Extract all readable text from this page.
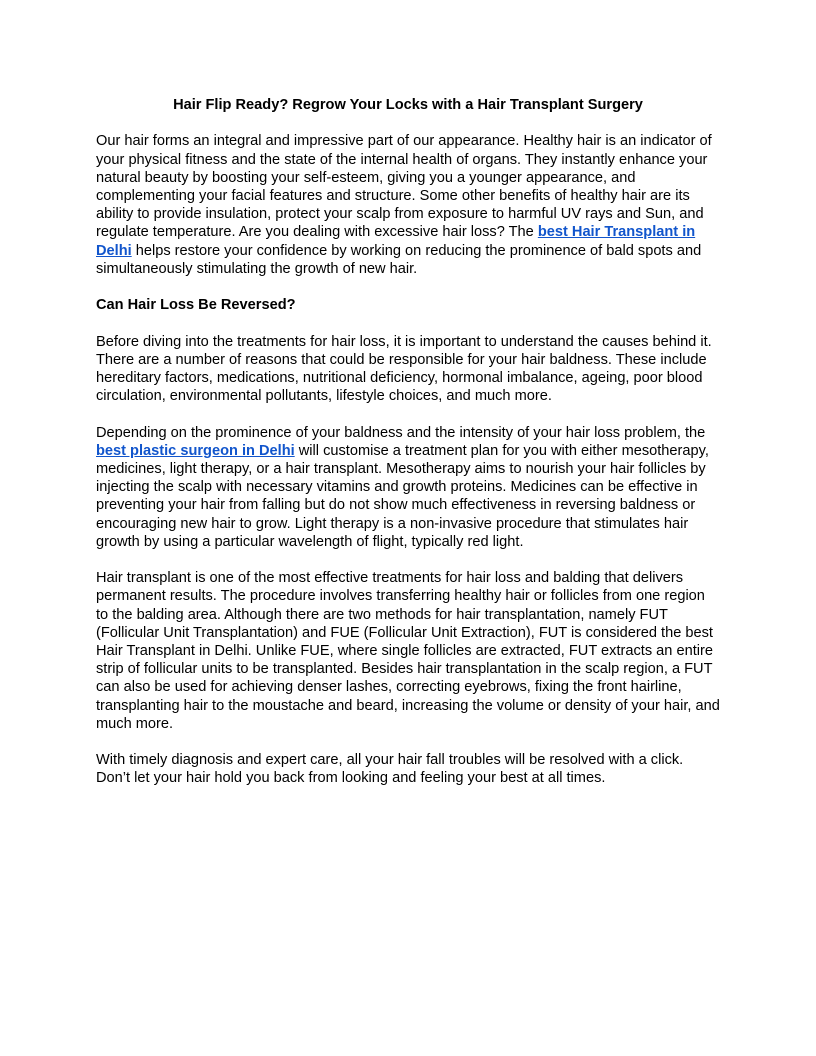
Hair Flip Ready? Regrow Your Locks with a Hair Transplant Surgery

Our hair forms an integral and impressive part of our appearance. Healthy hair is an indicator of your physical fitness and the state of the internal health of organs. They instantly enhance your natural beauty by boosting your self-esteem, giving you a younger appearance, and complementing your facial features and structure. Some other benefits of healthy hair are its ability to provide insulation, protect your scalp from exposure to harmful UV rays and Sun, and regulate temperature. Are you dealing with excessive hair loss? The best Hair Transplant in Delhi helps restore your confidence by working on reducing the prominence of bald spots and simultaneously stimulating the growth of new hair.

Can Hair Loss Be Reversed?

Before diving into the treatments for hair loss, it is important to understand the causes behind it. There are a number of reasons that could be responsible for your hair baldness. These include hereditary factors, medications, nutritional deficiency, hormonal imbalance, ageing, poor blood circulation, environmental pollutants, lifestyle choices, and much more.

Depending on the prominence of your baldness and the intensity of your hair loss problem, the best plastic surgeon in Delhi will customise a treatment plan for you with either mesotherapy, medicines, light therapy, or a hair transplant. Mesotherapy aims to nourish your hair follicles by injecting the scalp with necessary vitamins and growth proteins. Medicines can be effective in preventing your hair from falling but do not show much effectiveness in reversing baldness or encouraging new hair to grow. Light therapy is a non-invasive procedure that stimulates hair growth by using a particular wavelength of flight, typically red light.

Hair transplant is one of the most effective treatments for hair loss and balding that delivers permanent results. The procedure involves transferring healthy hair or follicles from one region to the balding area. Although there are two methods for hair transplantation, namely FUT (Follicular Unit Transplantation) and FUE (Follicular Unit Extraction), FUT is considered the best Hair Transplant in Delhi. Unlike FUE, where single follicles are extracted, FUT extracts an entire strip of follicular units to be transplanted. Besides hair transplantation in the scalp region, a FUT can also be used for achieving denser lashes, correcting eyebrows, fixing the front hairline, transplanting hair to the moustache and beard, increasing the volume or density of your hair, and much more.

With timely diagnosis and expert care, all your hair fall troubles will be resolved with a click. Don’t let your hair hold you back from looking and feeling your best at all times.
